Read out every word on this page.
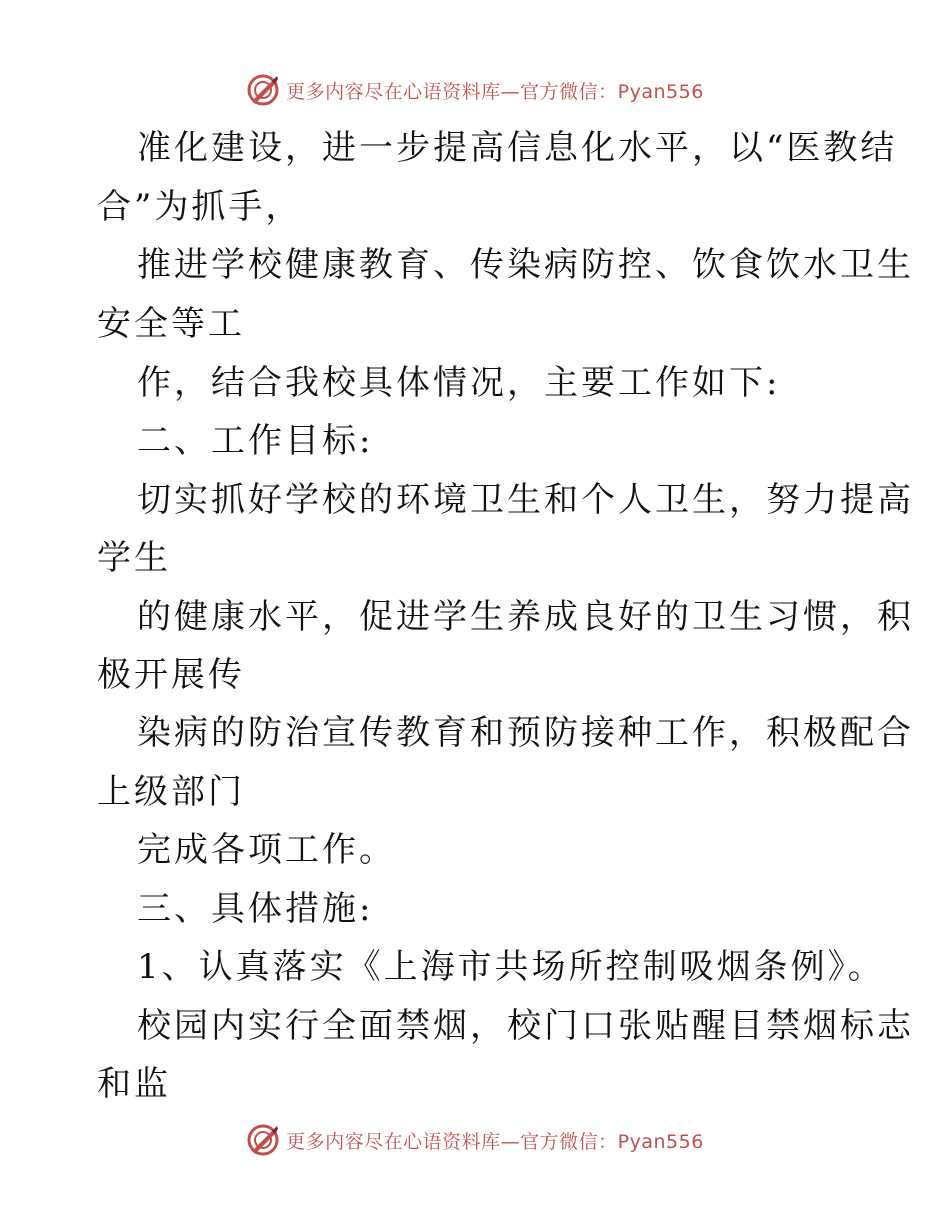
更多内容尽在心语资料库—官方微信：Pyan556
准化建设，进一步提高信息化水平，以“医教结
合”为抓手，
推进学校健康教育、传染病防控、饮食饮水卫生
安全等工
作，结合我校具体情况，主要工作如下:
二、工作目标:
切实抓好学校的环境卫生和个人卫生，努力提高
学生
的健康水平，促进学生养成良好的卫生习惯，积
极开展传
染病的防治宣传教育和预防接种工作，积极配合
上级部门
完成各项工作。
三、具体措施:
1、认真落实《上海市共场所控制吸烟条例》。
校园内实行全面禁烟，校门口张贴醒目禁烟标志
和监
更多内容尽在心语资料库—官方微信：Pyan556
